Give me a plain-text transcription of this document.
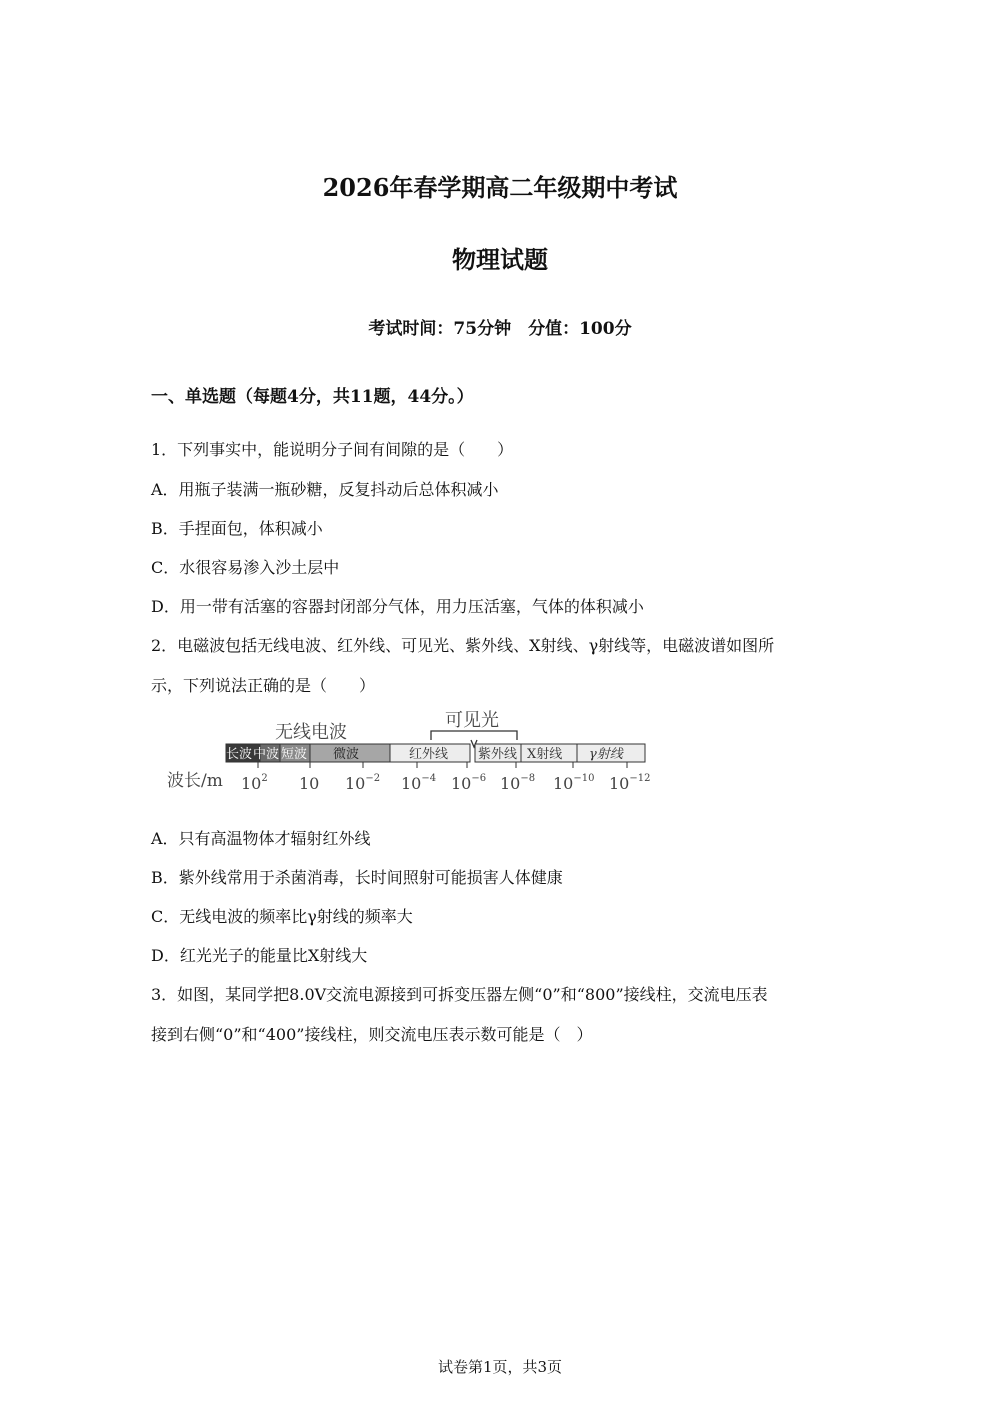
2026年春学期高二年级期中考试
物理试题
考试时间：75分钟　分值：100分
一、单选题（每题4分，共11题，44分。）
1．下列事实中，能说明分子间有间隙的是（　　）
A．用瓶子装满一瓶砂糖，反复抖动后总体积减小
B．手捏面包，体积减小
C．水很容易渗入沙土层中
D．用一带有活塞的容器封闭部分气体，用力压活塞，气体的体积减小
2．电磁波包括无线电波、红外线、可见光、紫外线、X射线、γ射线等，电磁波谱如图所
示，下列说法正确的是（　　）
无线电波
可见光
长波 中波 短波 微波	红外线 紫外线 X射线 γ射线
波长/m $10^2$ 10 $10^{-2}$ $10^{-4}$ $10^{-6}$ $10^{-8}$ $10^{-10}$ $10^{-12}$
A．只有高温物体才辐射红外线
B．紫外线常用于杀菌消毒，长时间照射可能损害人体健康
C．无线电波的频率比γ射线的频率大
D．红光光子的能量比X射线大
3．如图，某同学把8.0V交流电源接到可拆变压器左侧“0”和“800”接线柱，交流电压表
接到右侧“0”和“400”接线柱，则交流电压表示数可能是（　）
试卷第1页，共3页
